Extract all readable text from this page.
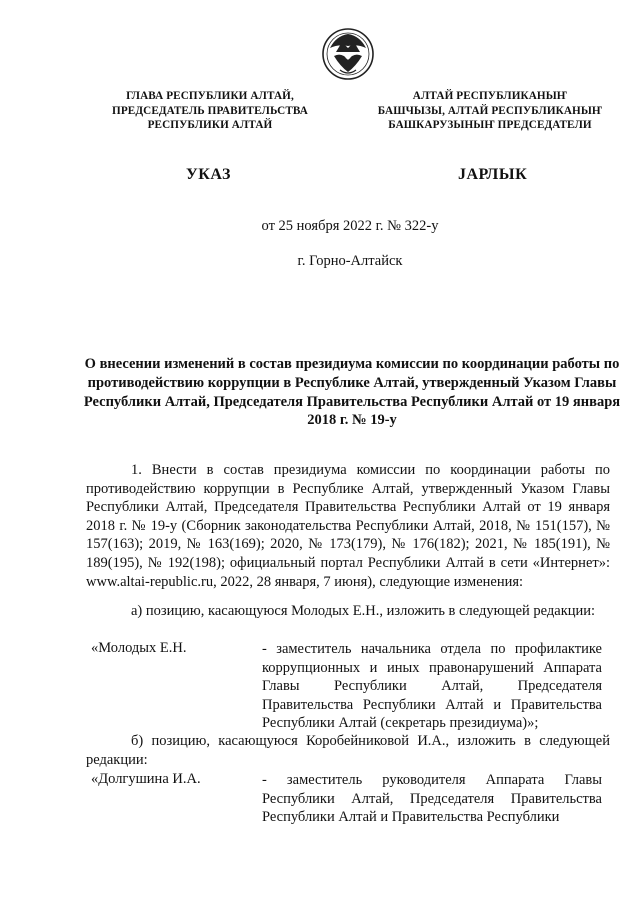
ГЛАВА РЕСПУБЛИКИ АЛТАЙ,
ПРЕДСЕДАТЕЛЬ ПРАВИТЕЛЬСТВА
РЕСПУБЛИКИ АЛТАЙ
АЛТАЙ РЕСПУБЛИКАНЫҤ
БАШЧЫЗЫ, АЛТАЙ РЕСПУБЛИКАНЫҤ
БАШКАРУЗЫНЫҤ ПРЕДСЕДАТЕЛИ
УКАЗ	ЈАРЛЫК
от 25 ноября 2022 г. № 322-у
г. Горно-Алтайск
О внесении изменений в состав президиума комиссии по координации работы по противодействию коррупции в Республике Алтай, утвержденный Указом Главы Республики Алтай, Председателя Правительства Республики Алтай от 19 января 2018 г. № 19-у
1. Внести в состав президиума комиссии по координации работы по противодействию коррупции в Республике Алтай, утвержденный Указом Главы Республики Алтай, Председателя Правительства Республики Алтай от 19 января 2018 г. № 19-у (Сборник законодательства Республики Алтай, 2018, № 151(157), № 157(163); 2019, № 163(169); 2020, № 173(179), № 176(182); 2021, № 185(191), № 189(195), № 192(198); официальный портал Республики Алтай в сети «Интернет»: www.altai-republic.ru, 2022, 28 января, 7 июня), следующие изменения:
а) позицию, касающуюся Молодых Е.Н., изложить в следующей редакции:
«Молодых Е.Н.	- заместитель начальника отдела по профилактике коррупционных и иных правонарушений Аппарата Главы Республики Алтай, Председателя Правительства Республики Алтай и Правительства Республики Алтай (секретарь президиума)»;
б) позицию, касающуюся Коробейниковой И.А., изложить в следующей редакции:
«Долгушина И.А.	- заместитель руководителя Аппарата Главы Республики Алтай, Председателя Правительства Республики Алтай и Правительства Республики
